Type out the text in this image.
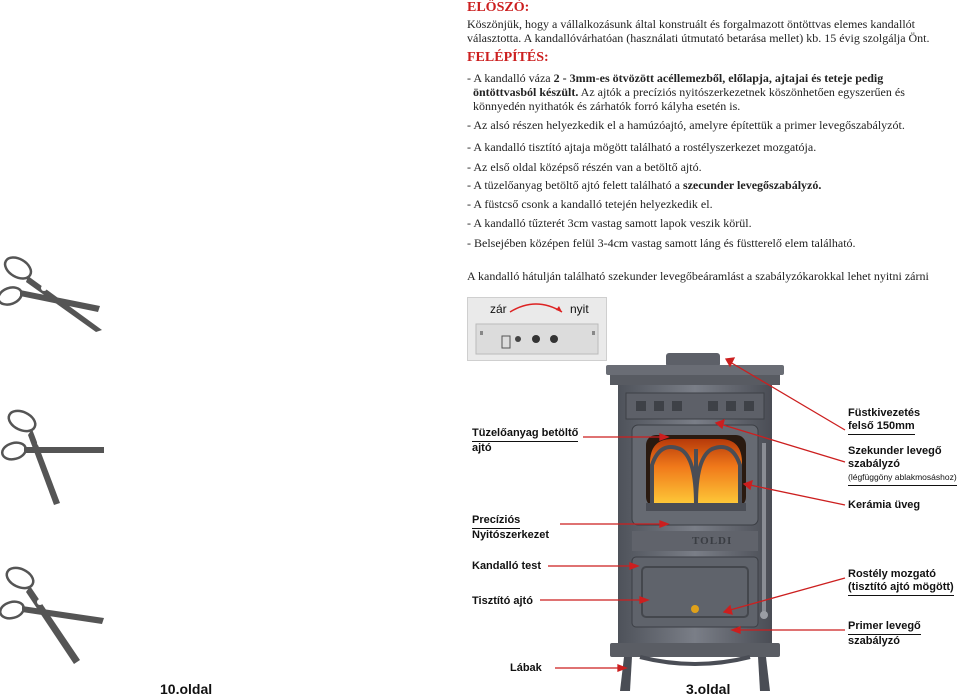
ELŐSZÓ:
Köszönjük, hogy a vállalkozásunk által konstruált és forgalmazott öntöttvas elemes kandallót
választotta. A kandallóvárhatóan (használati útmutató betarása mellet) kb. 15 évig szolgálja Önt.
FELÉPÍTÉS:
- A kandalló váza 2 - 3mm-es ötvözött acéllemezből, előlapja, ajtajai és teteje pedig
öntöttvasból készült. Az ajtók a precíziós nyitószerkezetnek köszönhetően egyszerűen és
könnyedén nyithatók és zárhatók forró kályha esetén is.
- Az alsó részen helyezkedik el a hamúzóajtó, amelyre építettük a primer levegőszabályzót.
- A kandalló tisztító ajtaja mögött található a rostélyszerkezet mozgatója.
- Az első oldal középső részén van a betöltő ajtó.
- A tüzelőanyag betöltő ajtó felett található a szecunder levegőszabályzó.
- A füstcső csonk a kandalló tetején helyezkedik el.
- A kandalló tűzterét 3cm vastag samott lapok veszik körül.
- Belsejében középen felül 3-4cm vastag samott láng és füstterelő elem található.
A kandalló hátulján található szekunder levegőbeáramlást a szabályzókarokkal lehet nyitni zárni
zár	nyit
TOLDI
Tüzelőanyag betöltő
ajtó
Precíziós
Nyitószerkezet
Kandalló test
Tisztító ajtó
Lábak
Füstkivezetés
felső 150mm
Szekunder levegő
szabályzó
(légfüggöny ablakmosáshoz)
Kerámia üveg
Rostély mozgató
(tisztító ajtó mögött)
Primer levegő
szabályzó
10.oldal	3.oldal
